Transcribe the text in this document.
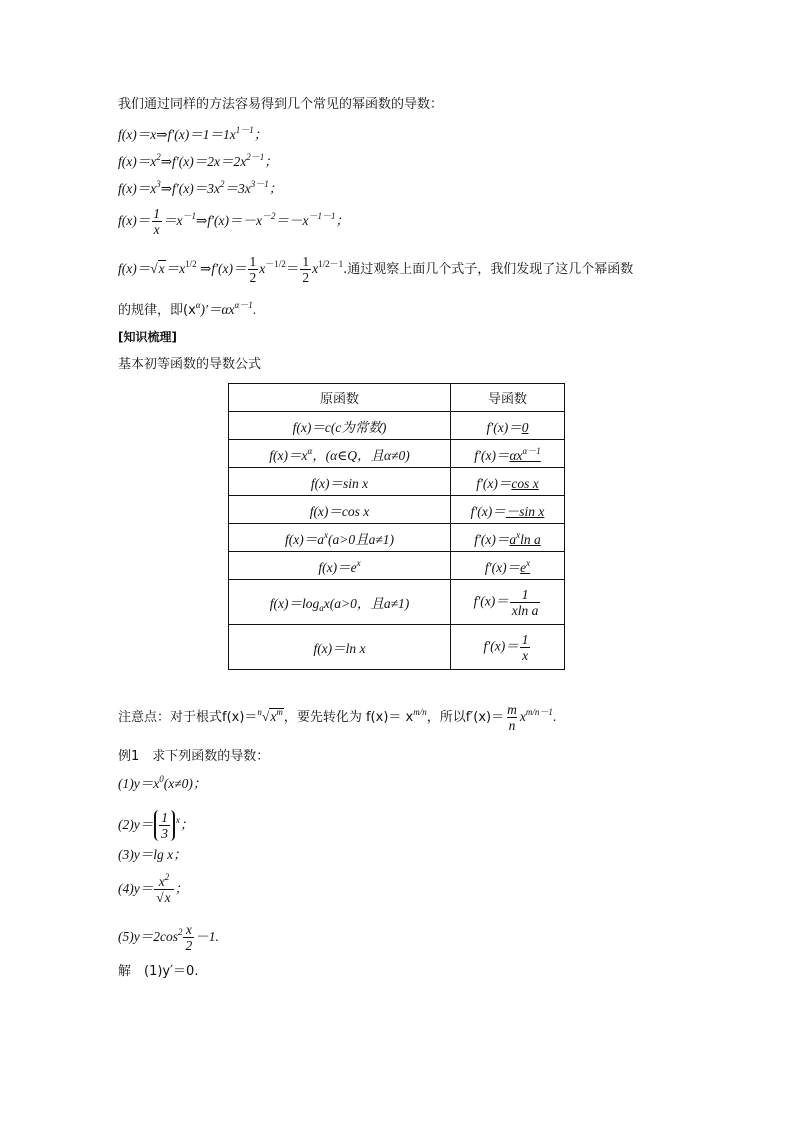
我们通过同样的方法容易得到几个常见的幂函数的导数：
$f(x)=x\Rightarrow f'(x)=1=1x^{1-1}$；
$f(x)=x^2\Rightarrow f'(x)=2x=2x^{2-1}$；
$f(x)=x^3\Rightarrow f'(x)=3x^2=3x^{3-1}$；
$f(x)= \frac{1}{x}$ $=x^{-1}\Rightarrow f'(x)=-x^{-2}=-x^{-1-1}$；
$f(x)=√x=x^{1/2}$ ⇒f′(x)＝ $\frac{1}{2} x^{-1/2}= \frac{1}{2} x^{1/2-1}$.通过观察上面几个式子，我们发现了这几个幂函数
的规律，即$(x^\alpha)'=\alpha x^{\alpha-1}$.
[知识梳理]
基本初等函数的导数公式
原函数	导函数
f(x)＝c(c为常数)	f′(x)＝0
$f(x)=x^\alpha$，(α∈Q，且α≠0)	$f'(x)=\alpha x^{\alpha-1}$
f(x)＝sin x	f′(x)＝cos x
f(x)＝cos x	f′(x)＝－sin x
$f(x)=a^x(a>0$且a≠1)	$f'(x)=a^x\ln$ a
$f(x)=e^x$	$f'(x)=e^x$
$f(x)=\log_ax(a>0$，且a≠1)	$f'(x)= \frac{1}{\text{xln a}}$

f(x)＝ln x	$f'(x)= \frac{1}{x}$
注意点：对于根式$f(x)=^n√x^m$，要先转化为 $f(x)= x^{m/n}$，所以$f'(x)= \frac{m}{n} x^{m/n-1}$.
例1　求下列函数的导数：
$(1)y=x^0(x\ne 0)$；
$(2)y= \frac{1}{3} ^x$；
(3)y＝lg x；
$(4)y= \frac{x^2}{√x}$ ；
$(5)y=2\cos^2 \frac{x}{2} -1$.
解　(1)y′＝0.
